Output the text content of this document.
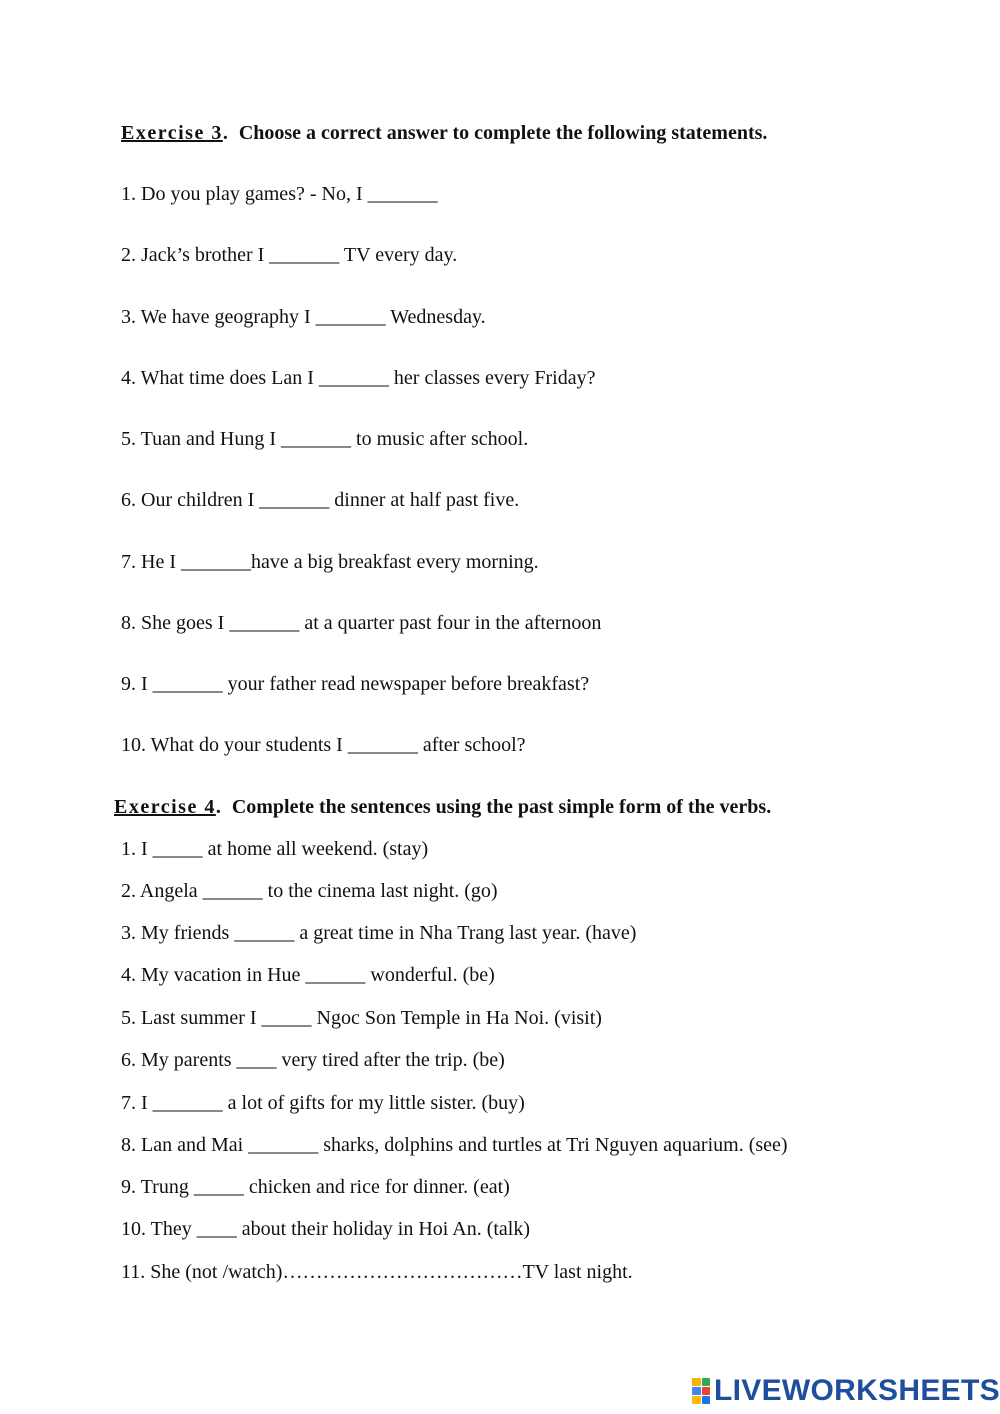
Exercise 3. Choose a correct answer to complete the following statements.
1. Do you play games? - No, I _______
2. Jack’s brother I _______ TV every day.
3. We have geography I _______ Wednesday.
4. What time does Lan I _______ her classes every Friday?
5. Tuan and Hung I _______ to music after school.
6. Our children I _______ dinner at half past five.
7. He I _______have a big breakfast every morning.
8. She goes I _______ at a quarter past four in the afternoon
9. I _______ your father read newspaper before breakfast?
10. What do your students I _______ after school?
Exercise 4. Complete the sentences using the past simple form of the verbs.
1. I _____ at home all weekend. (stay)
2. Angela ______ to the cinema last night. (go)
3. My friends ______ a great time in Nha Trang last year. (have)
4. My vacation in Hue ______ wonderful. (be)
5. Last summer I _____ Ngoc Son Temple in Ha Noi. (visit)
6. My parents ____ very tired after the trip. (be)
7. I _______ a lot of gifts for my little sister. (buy)
8. Lan and Mai _______ sharks, dolphins and turtles at Tri Nguyen aquarium. (see)
9. Trung _____ chicken and rice for dinner. (eat)
10. They ____ about their holiday in Hoi An. (talk)
11. She (not /watch)………………………………TV last night.
LIVEWORKSHEETS
